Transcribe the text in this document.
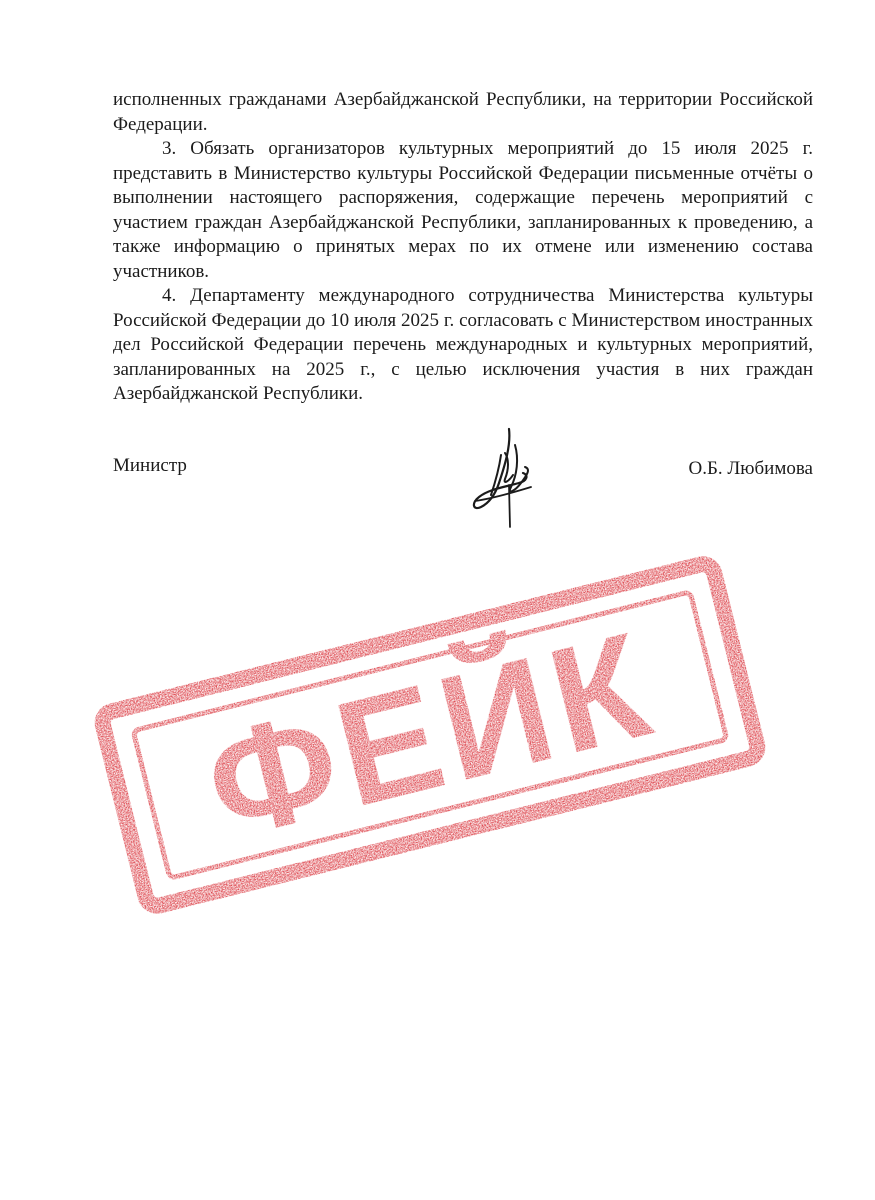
исполненных гражданами Азербайджанской Республики, на территории Российской Федерации.

3. Обязать организаторов культурных мероприятий до 15 июля 2025 г. представить в Министерство культуры Российской Федерации письменные отчёты о выполнении настоящего распоряжения, содержащие перечень мероприятий с участием граждан Азербайджанской Республики, запланированных к проведению, а также информацию о принятых мерах по их отмене или изменению состава участников.

4. Департаменту международного сотрудничества Министерства культуры Российской Федерации до 10 июля 2025 г. согласовать с Министерством иностранных дел Российской Федерации перечень международных и культурных мероприятий, запланированных на 2025 г., с целью исключения участия в них граждан Азербайджанской Республики.

Министр	О.Б. Любимова
ФЕЙК
